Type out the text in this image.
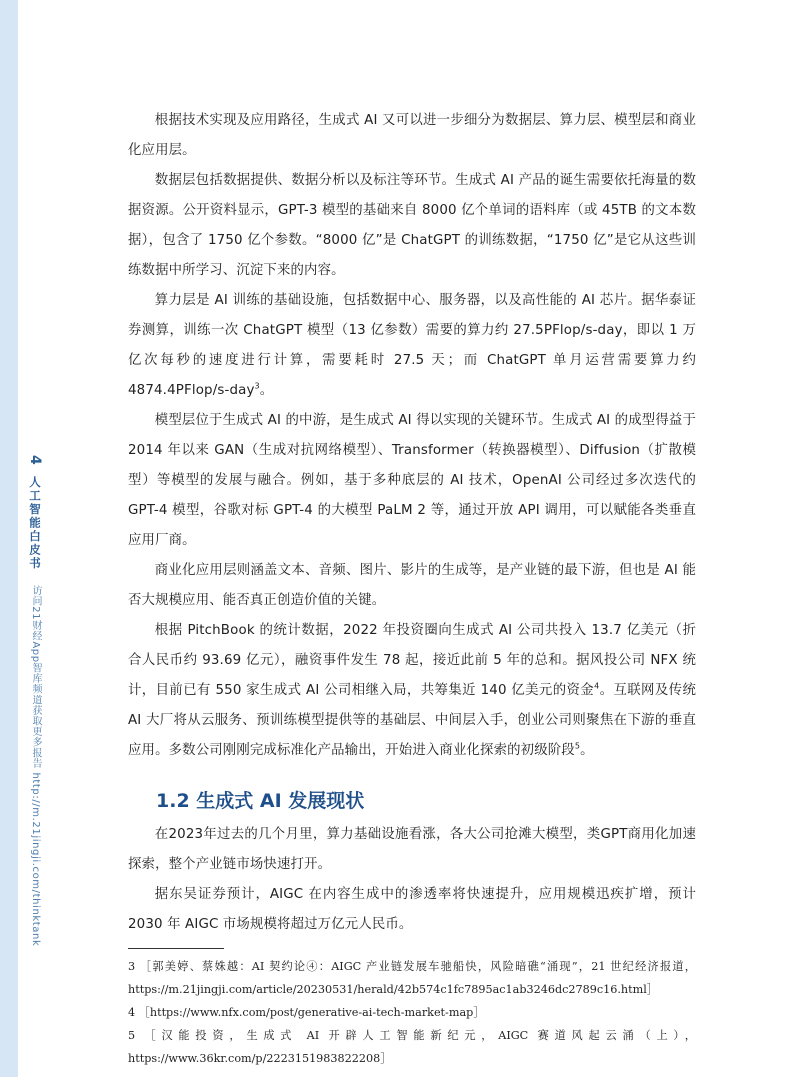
4 人工智能白皮书 访问21财经App智库频道获取更多报告 http://m.21jingji.com/thinktank

根据技术实现及应用路径，生成式 AI 又可以进一步细分为数据层、算力层、模型层和商业化应用层。

数据层包括数据提供、数据分析以及标注等环节。生成式 AI 产品的诞生需要依托海量的数据资源。公开资料显示，GPT-3 模型的基础来自 8000 亿个单词的语料库（或 45TB 的文本数据），包含了 1750 亿个参数。“8000 亿”是 ChatGPT 的训练数据，“1750 亿”是它从这些训练数据中所学习、沉淀下来的内容。

算力层是 AI 训练的基础设施，包括数据中心、服务器，以及高性能的 AI 芯片。据华泰证券测算，训练一次 ChatGPT 模型（13 亿参数）需要的算力约 27.5PFlop/s-day，即以 1 万亿次每秒的速度进行计算，需要耗时 27.5 天；而 ChatGPT 单月运营需要算力约 4874.4PFlop/s-day$^3$。

模型层位于生成式 AI 的中游，是生成式 AI 得以实现的关键环节。生成式 AI 的成型得益于 2014 年以来 GAN（生成对抗网络模型）、Transformer（转换器模型）、Diffusion（扩散模型）等模型的发展与融合。例如，基于多种底层的 AI 技术，OpenAI 公司经过多次迭代的 GPT-4 模型，谷歌对标 GPT-4 的大模型 PaLM 2 等，通过开放 API 调用，可以赋能各类垂直应用厂商。

商业化应用层则涵盖文本、音频、图片、影片的生成等，是产业链的最下游，但也是 AI 能否大规模应用、能否真正创造价值的关键。

根据 PitchBook 的统计数据，2022 年投资圈向生成式 AI 公司共投入 13.7 亿美元（折合人民币约 93.69 亿元），融资事件发生 78 起，接近此前 5 年的总和。据风投公司 NFX 统计，目前已有 550 家生成式 AI 公司相继入局，共筹集近 140 亿美元的资金$^4$。互联网及传统 AI 大厂将从云服务、预训练模型提供等的基础层、中间层入手，创业公司则聚焦在下游的垂直应用。多数公司刚刚完成标准化产品输出，开始进入商业化探索的初级阶段$^5$。

1.2 生成式 AI 发展现状

在2023年过去的几个月里，算力基础设施看涨，各大公司抢滩大模型，类GPT商用化加速探索，整个产业链市场快速打开。

据东吴证券预计，AIGC 在内容生成中的渗透率将快速提升，应用规模迅疾扩增，预计 2030 年 AIGC 市场规模将超过万亿元人民币。

3 ［郭美婷、蔡姝越：AI 契约论④：AIGC 产业链发展车驰船快，风险暗礁“涌现”，21 世纪经济报道，https://m.21jingji.com/article/20230531/herald/42b574c1fc7895ac1ab3246dc2789c16.html］

4 ［https://www.nfx.com/post/generative-ai-tech-market-map］

5 ［汉能投资，生成式 AI 开辟人工智能新纪元，AIGC 赛道风起云涌（上），https://www.36kr.com/p/2223151983822208］
